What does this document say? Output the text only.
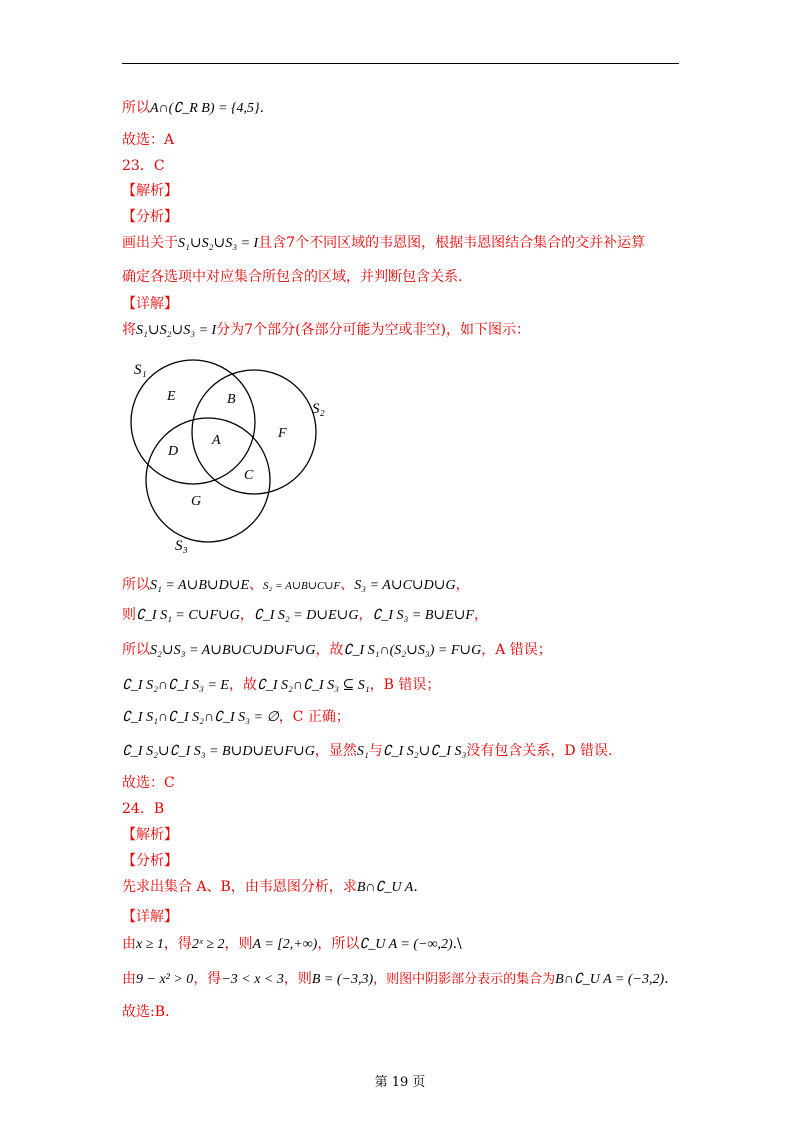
所以A∩(∁_R B) = {4,5}.
故选：A
23．C
【解析】
【分析】
画出关于S₁∪S₂∪S₃ = I且含7个不同区域的韦恩图，根据韦恩图结合集合的交并补运算
确定各选项中对应集合所包含的区域，并判断包含关系.
【详解】
将S₁∪S₂∪S₃ = I分为7个部分(各部分可能为空或非空)，如下图示：
S₁
S₂
S₃
E	B
F
A
D
C
G
所以S₁ = A∪B∪D∪E、S₂ = A∪B∪C∪F、S₃ = A∪C∪D∪G，
则∁_I S₁ = C∪F∪G，∁_I S₂ = D∪E∪G，∁_I S₃ = B∪E∪F，
所以S₂∪S₃ = A∪B∪C∪D∪F∪G，故∁_I S₁∩(S₂∪S₃) = F∪G，A 错误；
∁_I S₂∩∁_I S₃ = E，故∁_I S₂∩∁_I S₃ ⊆ S₁，B 错误；
∁_I S₁∩∁_I S₂∩∁_I S₃ = ∅，C 正确；
∁_I S₂∪∁_I S₃ = B∪D∪E∪F∪G，显然S₁与∁_I S₂∪∁_I S₃没有包含关系，D 错误.
故选：C
24．B
【解析】
【分析】
先求出集合 A、B，由韦恩图分析，求B∩∁_U A.
【详解】
由x ≥ 1，得2ˣ ≥ 2，则A = [2,+∞)，所以∁_U A = (−∞,2).\
由9 − x² > 0，得−3 < x < 3，则B = (−3,3)，则图中阴影部分表示的集合为B∩∁_U A = (−3,2).
故选:B.
第 19 页
